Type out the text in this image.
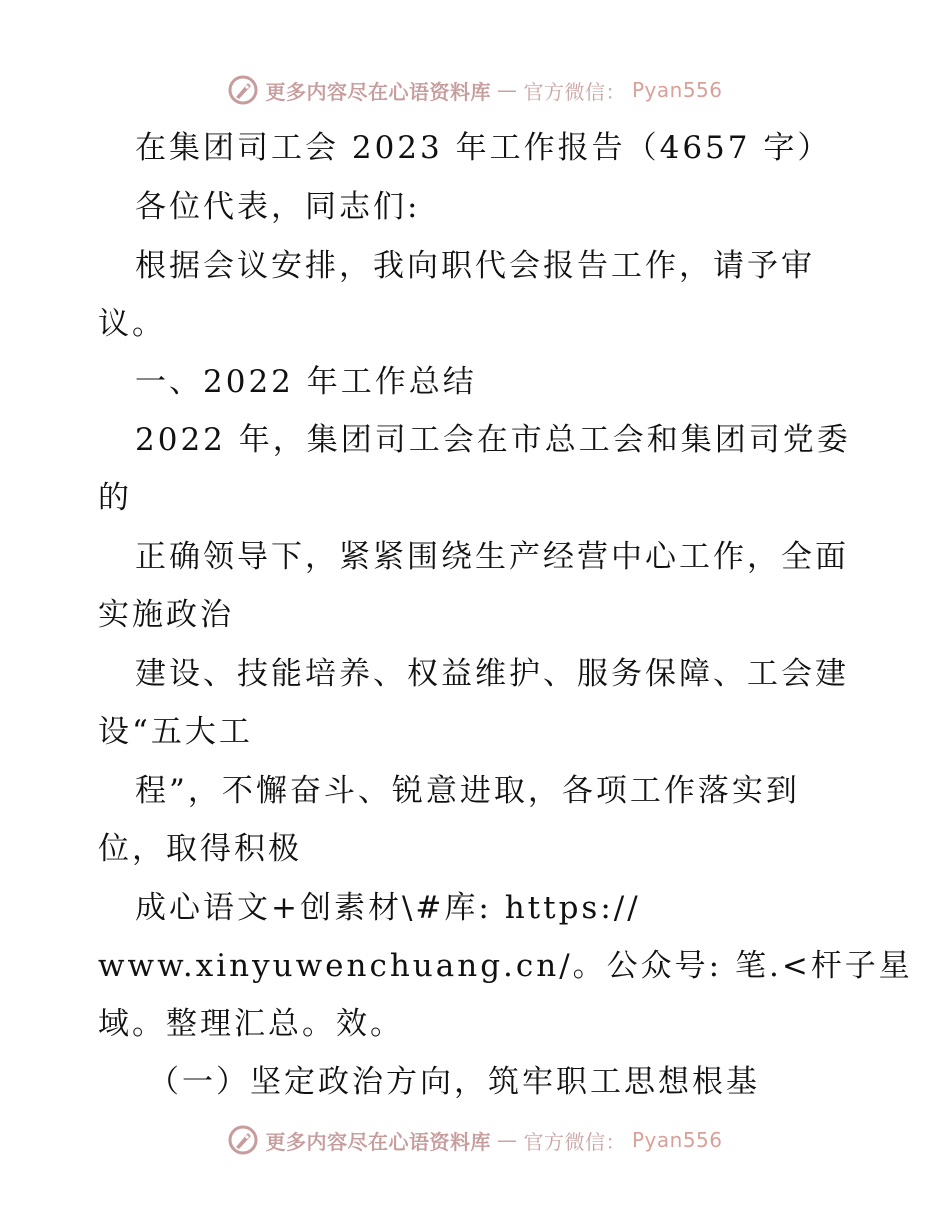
更多内容尽在心语资料库 — 官方微信： Pyan556
在集团司工会 2023 年工作报告（4657 字）
各位代表，同志们:
根据会议安排，我向职代会报告工作，请予审
议。
一、2022 年工作总结
2022 年，集团司工会在市总工会和集团司党委
的
正确领导下，紧紧围绕生产经营中心工作，全面
实施政治
建设、技能培养、权益维护、服务保障、工会建
设“五大工
程”，不懈奋斗、锐意进取，各项工作落实到
位，取得积极
成心语文+创素材\#库: https://
www.xinyuwenchuang.cn/。公众号: 笔.<杆子星
域。整理汇总。效。
（一）坚定政治方向，筑牢职工思想根基
更多内容尽在心语资料库 — 官方微信： Pyan556
